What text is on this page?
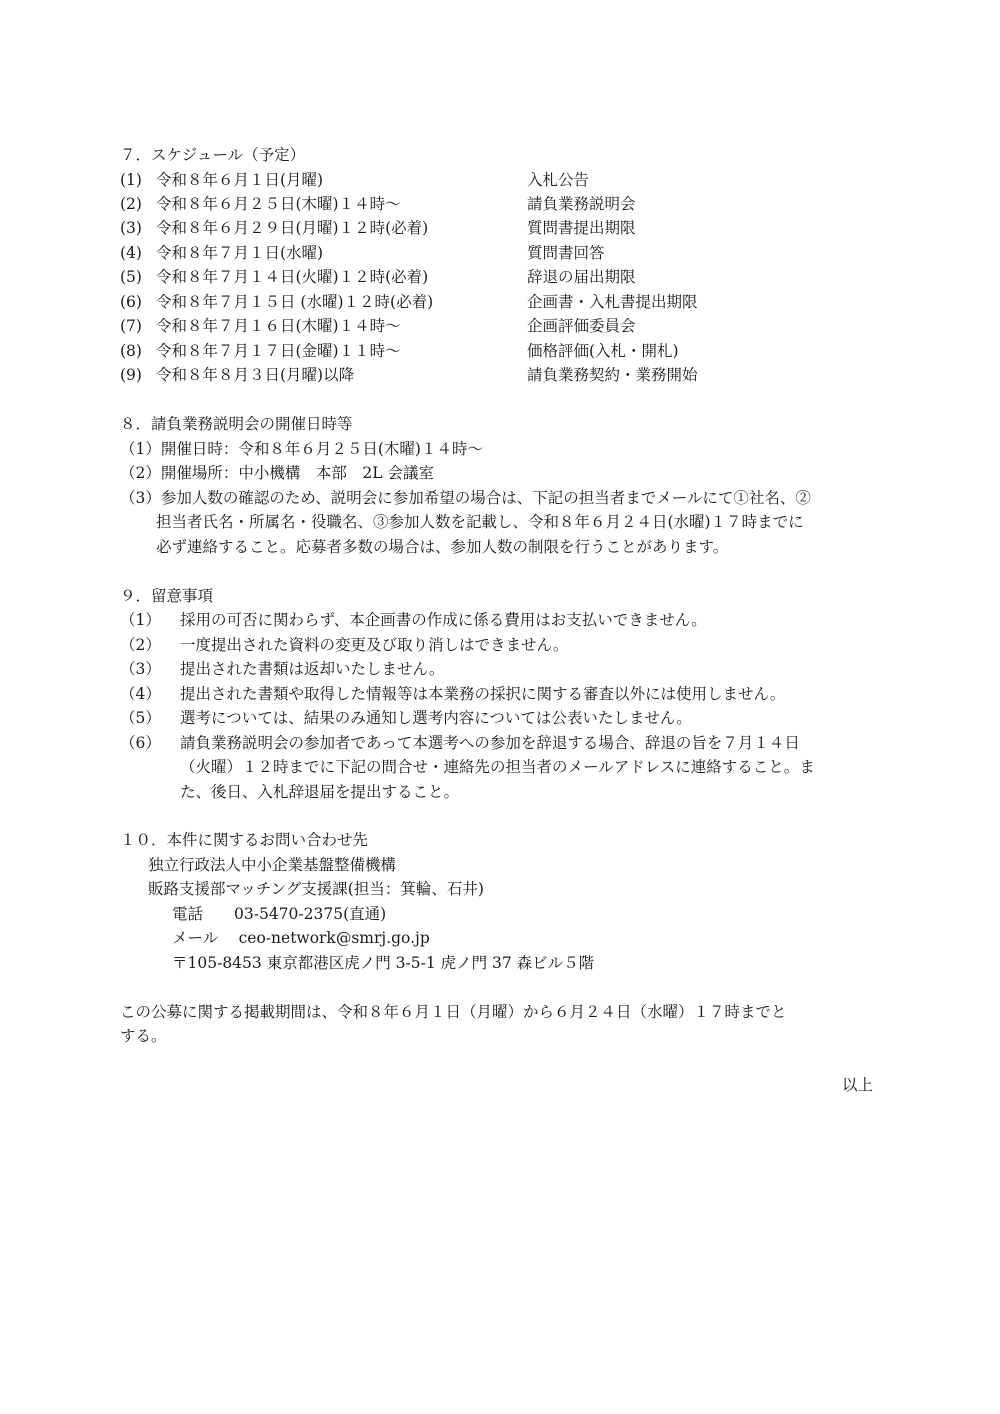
７．スケジュール（予定）
(1) 令和８年６月１日(月曜)	入札公告
(2) 令和８年６月２５日(木曜)１４時～	請負業務説明会
(3) 令和８年６月２９日(月曜)１２時(必着)	質問書提出期限
(4) 令和８年７月１日(水曜)	質問書回答
(5) 令和８年７月１４日(火曜)１２時(必着)	辞退の届出期限
(6) 令和８年７月１５日 (水曜)１２時(必着)	企画書・入札書提出期限
(7) 令和８年７月１６日(木曜)１４時～	企画評価委員会
(8) 令和８年７月１７日(金曜)１１時～	価格評価(入札・開札)
(9) 令和８年８月３日(月曜)以降	請負業務契約・業務開始
８．請負業務説明会の開催日時等
（1）開催日時：令和８年６月２５日(木曜)１４時～
（2）開催場所：中小機構　本部　2L 会議室
（3）参加人数の確認のため、説明会に参加希望の場合は、下記の担当者までメールにて①社名、②
担当者氏名・所属名・役職名、③参加人数を記載し、令和８年６月２４日(水曜)１７時までに
必ず連絡すること。応募者多数の場合は、参加人数の制限を行うことがあります。
９．留意事項
（1） 採用の可否に関わらず、本企画書の作成に係る費用はお支払いできません。
（2） 一度提出された資料の変更及び取り消しはできません。
（3） 提出された書類は返却いたしません。
（4） 提出された書類や取得した情報等は本業務の採択に関する審査以外には使用しません。
（5） 選考については、結果のみ通知し選考内容については公表いたしません。
（6） 請負業務説明会の参加者であって本選考への参加を辞退する場合、辞退の旨を７月１４日
（火曜）１２時までに下記の問合せ・連絡先の担当者のメールアドレスに連絡すること。ま
た、後日、入札辞退届を提出すること。
１０．本件に関するお問い合わせ先
独立行政法人中小企業基盤整備機構
販路支援部マッチング支援課(担当：箕輪、石井)
電話　　03-5470-2375(直通)
メール　 ceo-network@smrj.go.jp
〒105-8453 東京都港区虎ノ門 3-5-1 虎ノ門 37 森ビル５階
この公募に関する掲載期間は、令和８年６月１日（月曜）から６月２４日（水曜）１７時までと
する。
以上
